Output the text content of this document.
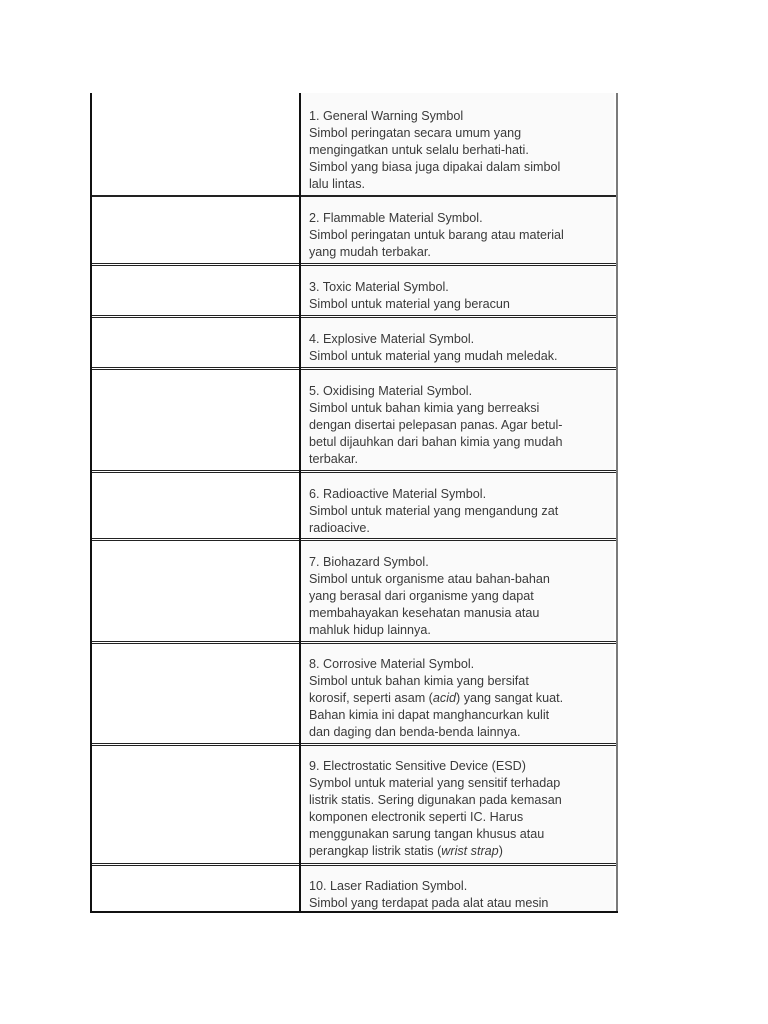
1. General Warning Symbol
Simbol peringatan secara umum yang
mengingatkan untuk selalu berhati-hati.
Simbol yang biasa juga dipakai dalam simbol
lalu lintas.
2. Flammable Material Symbol.
Simbol peringatan untuk barang atau material
yang mudah terbakar.
3. Toxic Material Symbol.
Simbol untuk material yang beracun
4. Explosive Material Symbol.
Simbol untuk material yang mudah meledak.
5. Oxidising Material Symbol.
Simbol untuk bahan kimia yang berreaksi
dengan disertai pelepasan panas. Agar betul-
betul dijauhkan dari bahan kimia yang mudah
terbakar.
6. Radioactive Material Symbol.
Simbol untuk material yang mengandung zat
radioacive.
7. Biohazard Symbol.
Simbol untuk organisme atau bahan-bahan
yang berasal dari organisme yang dapat
membahayakan kesehatan manusia atau
mahluk hidup lainnya.
8. Corrosive Material Symbol.
Simbol untuk bahan kimia yang bersifat
korosif, seperti asam (acid) yang sangat kuat.
Bahan kimia ini dapat manghancurkan kulit
dan daging dan benda-benda lainnya.
9. Electrostatic Sensitive Device (ESD)
Symbol untuk material yang sensitif terhadap
listrik statis. Sering digunakan pada kemasan
komponen electronik seperti IC. Harus
menggunakan sarung tangan khusus atau
perangkap listrik statis (wrist strap)
10. Laser Radiation Symbol.
Simbol yang terdapat pada alat atau mesin
